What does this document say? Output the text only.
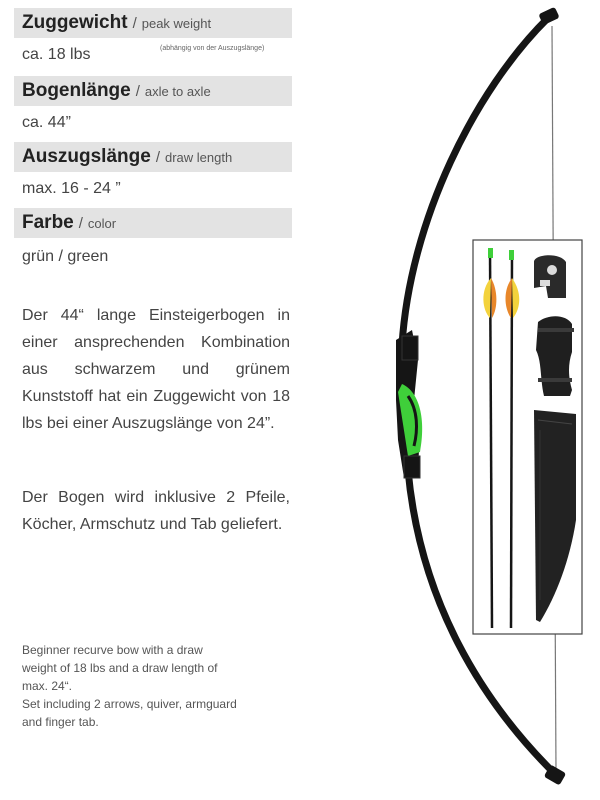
Zuggewicht / peak weight
ca. 18 lbs	(abhängig von der Auszugslänge)
Bogenlänge / axle to axle
ca. 44”
Auszugslänge / draw length
max. 16 - 24 ”
Farbe / color
grün / green
Der 44“ lange Einsteigerbogen in einer ansprechenden Kombination aus schwarzem und grünem Kunststoff hat ein Zuggewicht von 18 lbs bei einer Auszugslänge von 24”.
Der Bogen wird inklusive 2 Pfeile, Köcher, Armschutz und Tab geliefert.
Beginner recurve bow with a draw
weight of 18 lbs and a draw length of
max. 24“.
Set including 2 arrows, quiver, armguard
and finger tab.
